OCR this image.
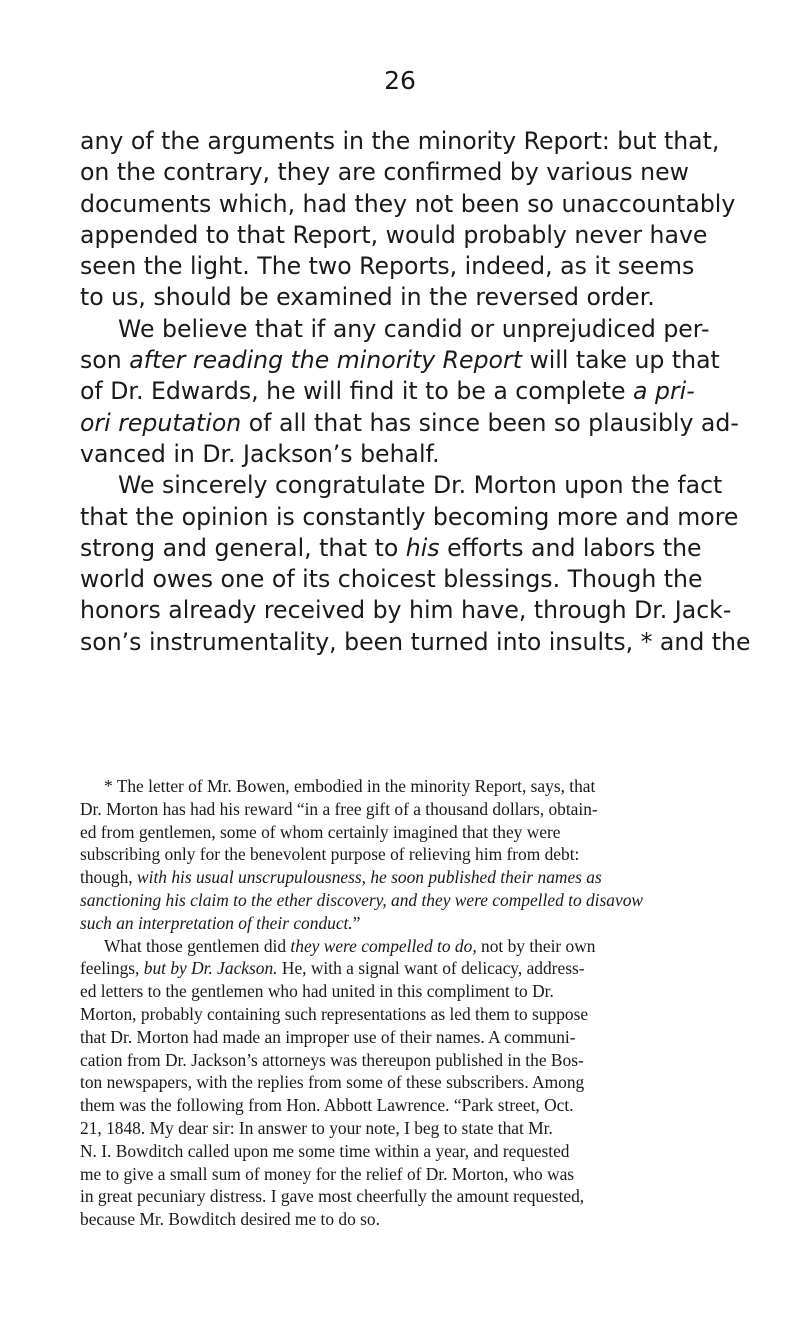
26

any of the arguments in the minority Report: but that,

on the contrary, they are confirmed by various new

documents which, had they not been so unaccountably

appended to that Report, would probably never have

seen the light. The two Reports, indeed, as it seems

to us, should be examined in the reversed order.

We believe that if any candid or unprejudiced per-

son after reading the minority Report will take up that

of Dr. Edwards, he will find it to be a complete a pri-

ori reputation of all that has since been so plausibly ad-

vanced in Dr. Jackson’s behalf.

We sincerely congratulate Dr. Morton upon the fact

that the opinion is constantly becoming more and more

strong and general, that to his efforts and labors the

world owes one of its choicest blessings. Though the

honors already received by him have, through Dr. Jack-

son’s instrumentality, been turned into insults, * and the

* The letter of Mr. Bowen, embodied in the minority Report, says, that

Dr. Morton has had his reward “in a free gift of a thousand dollars, obtain-

ed from gentlemen, some of whom certainly imagined that they were

subscribing only for the benevolent purpose of relieving him from debt:

though, with his usual unscrupulousness, he soon published their names as

sanctioning his claim to the ether discovery, and they were compelled to disavow

such an interpretation of their conduct.”

What those gentlemen did they were compelled to do, not by their own

feelings, but by Dr. Jackson. He, with a signal want of delicacy, address-

ed letters to the gentlemen who had united in this compliment to Dr.

Morton, probably containing such representations as led them to suppose

that Dr. Morton had made an improper use of their names. A communi-

cation from Dr. Jackson’s attorneys was thereupon published in the Bos-

ton newspapers, with the replies from some of these subscribers. Among

them was the following from Hon. Abbott Lawrence. “Park street, Oct.

21, 1848. My dear sir: In answer to your note, I beg to state that Mr.

N. I. Bowditch called upon me some time within a year, and requested

me to give a small sum of money for the relief of Dr. Morton, who was

in great pecuniary distress. I gave most cheerfully the amount requested,

because Mr. Bowditch desired me to do so.
